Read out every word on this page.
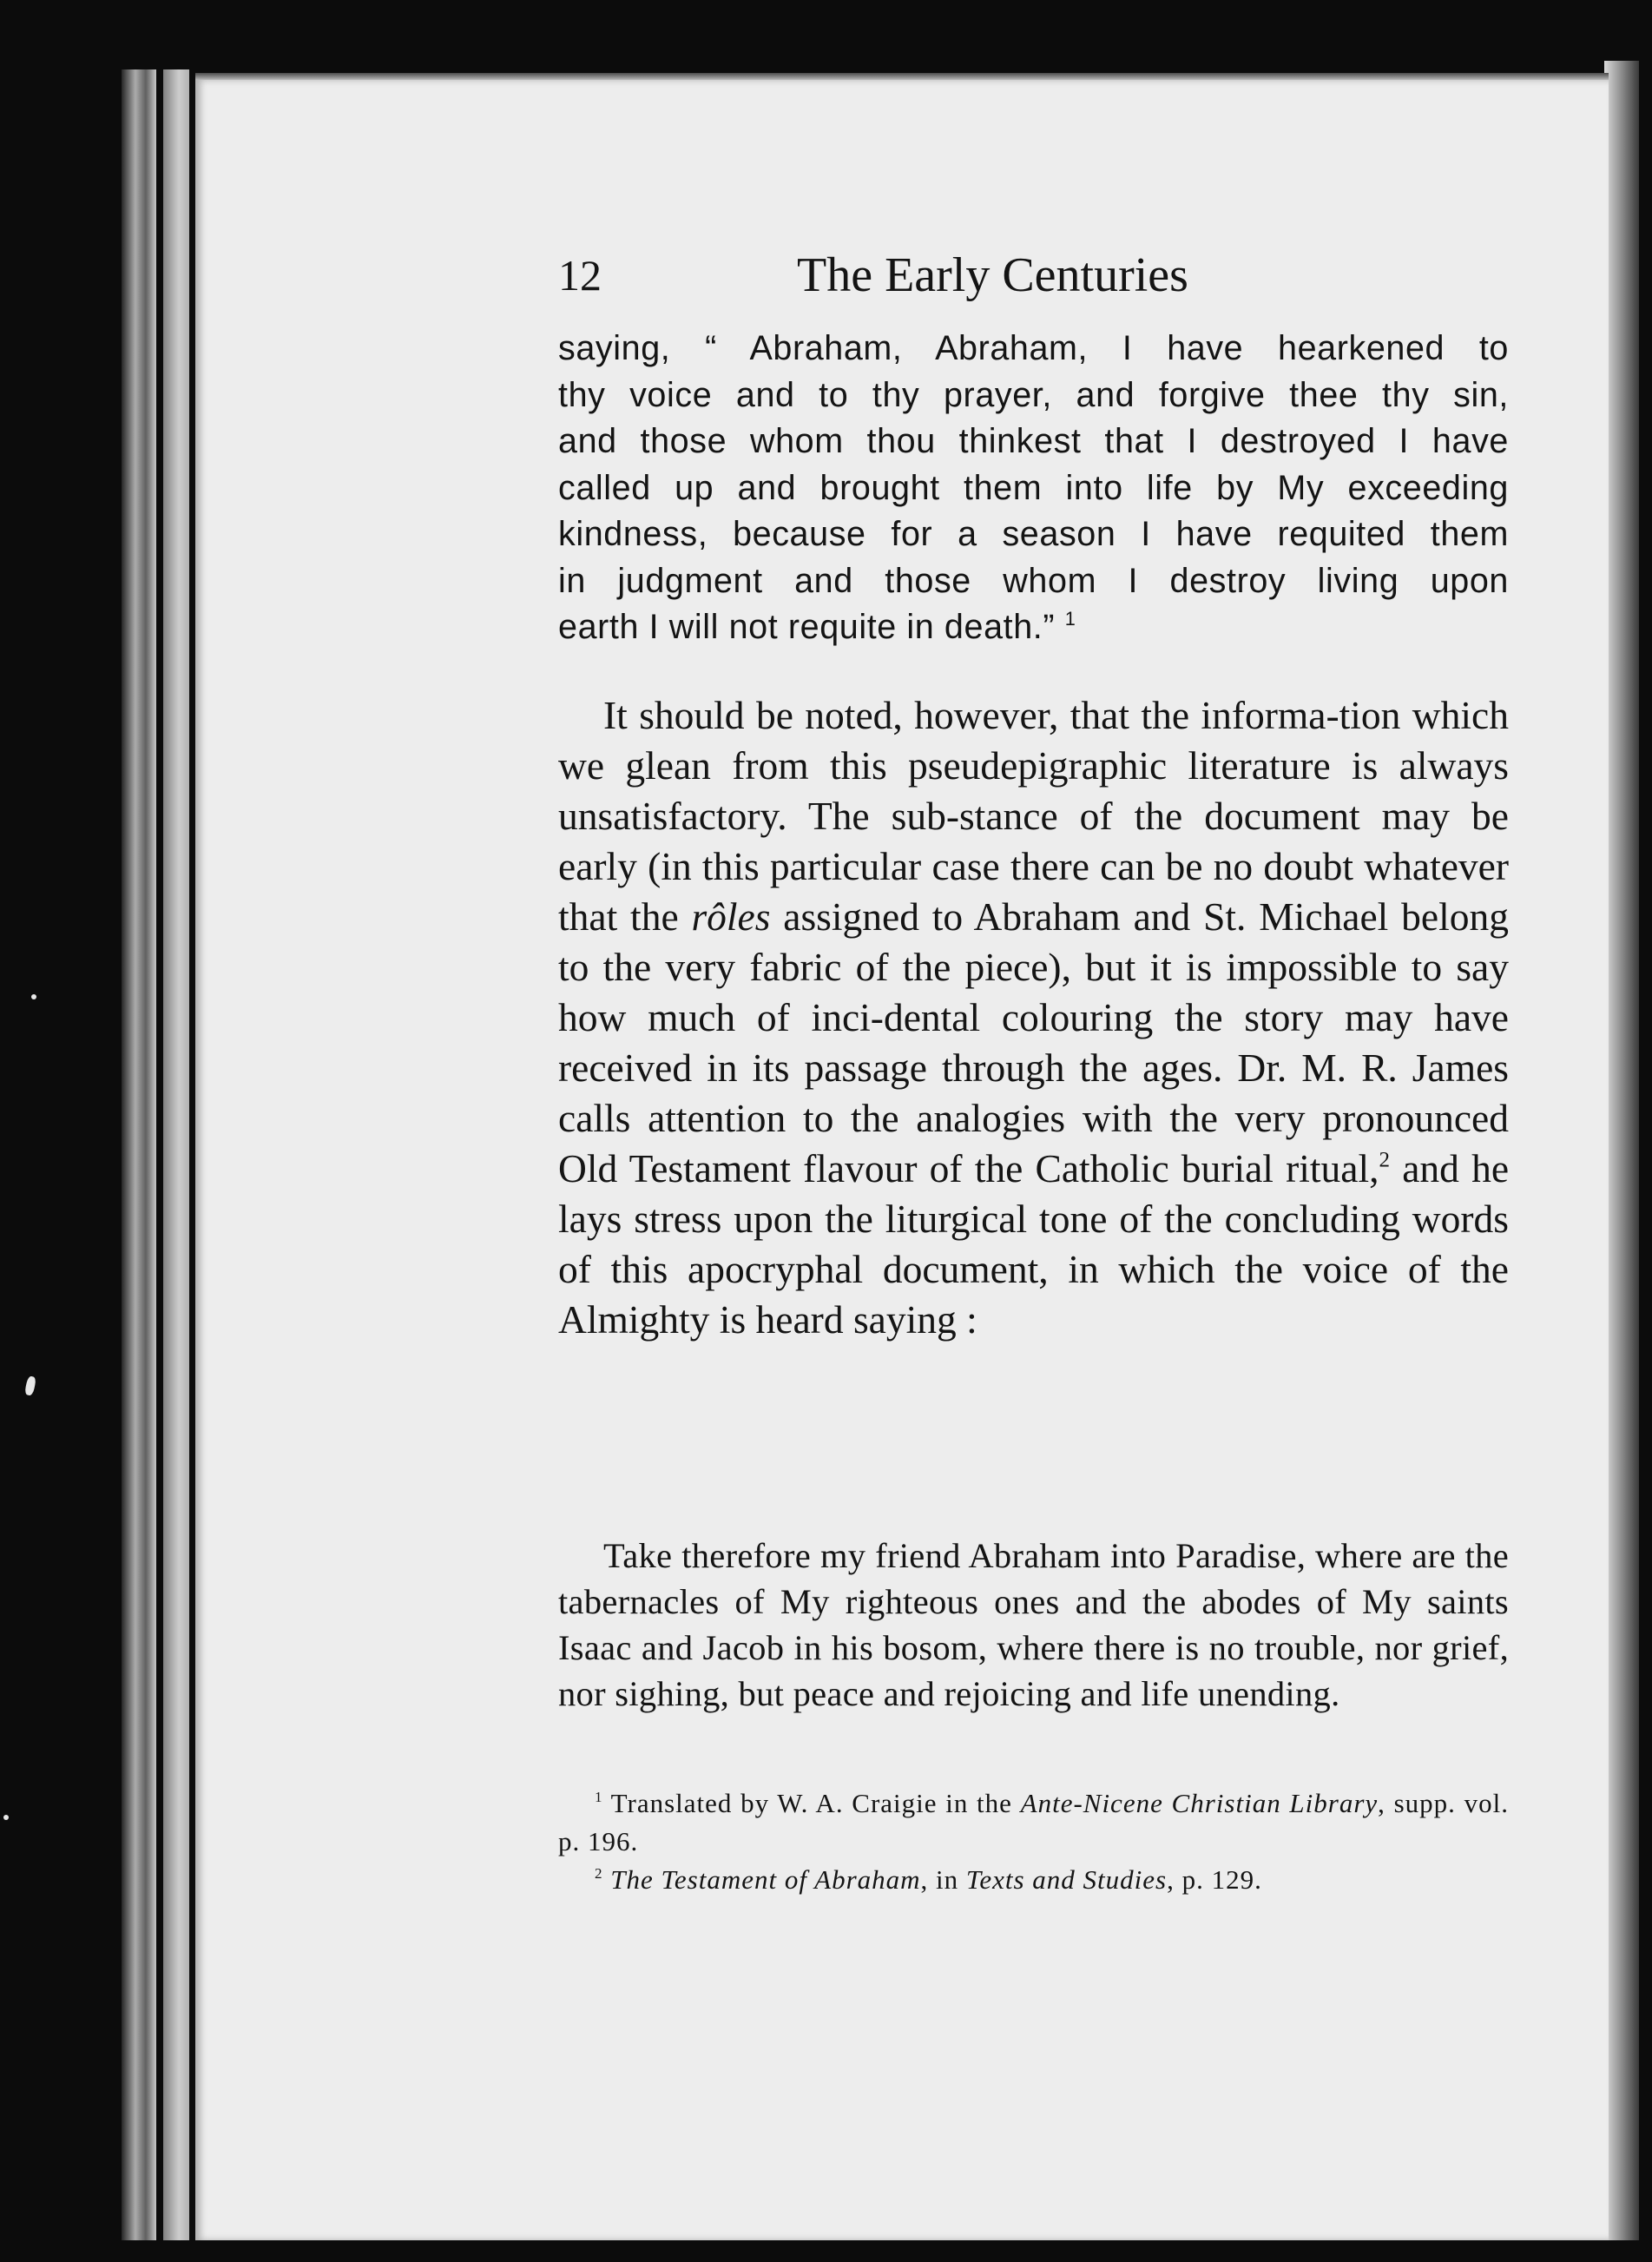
12	The Early Centuries
saying, “ Abraham, Abraham, I have hearkened to
thy voice and to thy prayer, and forgive thee thy sin,
and those whom thou thinkest that I destroyed I have
called up and brought them into life by My exceeding
kindness, because for a season I have requited them
in judgment and those whom I destroy living upon
earth I will not requite in death.” $^1$

It should be noted, however, that the informa-tion which we glean from this pseudepigraphic literature is always unsatisfactory. The sub-stance of the document may be early (in this particular case there can be no doubt whatever that the rôles assigned to Abraham and St. Michael belong to the very fabric of the piece), but it is impossible to say how much of inci-dental colouring the story may have received in its passage through the ages. Dr. M. R. James calls attention to the analogies with the very pronounced Old Testament flavour of the Catholic burial ritual,$^2$ and he lays stress upon the liturgical tone of the concluding words of this apocryphal document, in which the voice of the Almighty is heard saying :

Take therefore my friend Abraham into Paradise, where are the tabernacles of My righteous ones and the abodes of My saints Isaac and Jacob in his bosom, where there is no trouble, nor grief, nor sighing, but peace and rejoicing and life unending.

$^1$ Translated by W. A. Craigie in the Ante-Nicene Christian Library, supp. vol. p. 196.

$^2$ The Testament of Abraham, in Texts and Studies, p. 129.
